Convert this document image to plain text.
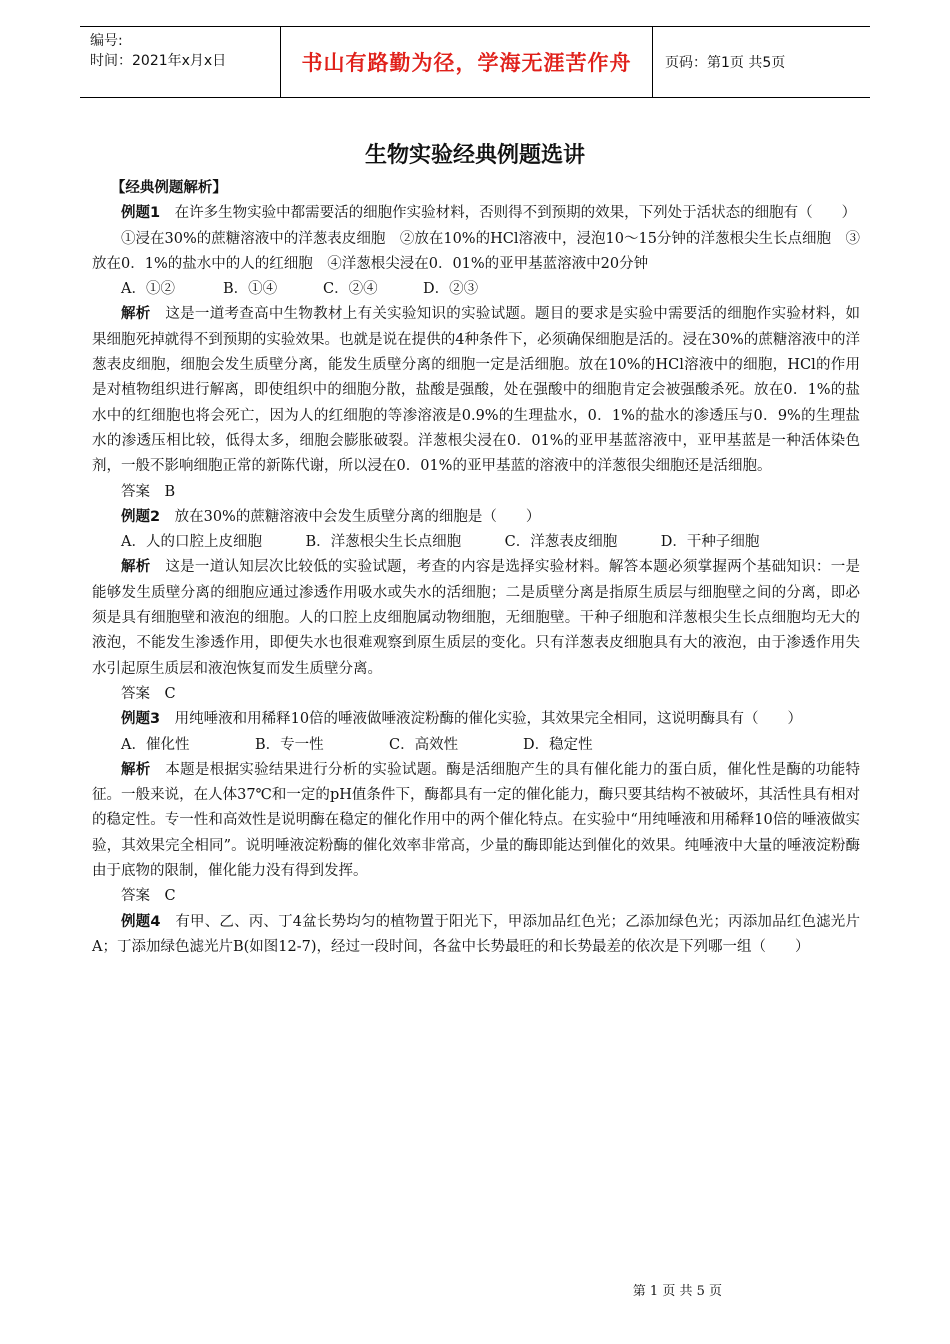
编号:
时间：2021年x月x日	书山有路勤为径，学海无涯苦作舟	页码：第1页 共5页
生物实验经典例题选讲

【经典例题解析】

例题1　在许多生物实验中都需要活的细胞作实验材料，否则得不到预期的效果，下列处于活状态的细胞有（　　）

①浸在30%的蔗糖溶液中的洋葱表皮细胞　②放在10%的HCl溶液中，浸泡10～15分钟的洋葱根尖生长点细胞　③放在0．1%的盐水中的人的红细胞　④洋葱根尖浸在0．01%的亚甲基蓝溶液中20分钟

A．①②	B．①④	C．②④	D．②③

解析　这是一道考查高中生物教材上有关实验知识的实验试题。题目的要求是实验中需要活的细胞作实验材料，如果细胞死掉就得不到预期的实验效果。也就是说在提供的4种条件下，必须确保细胞是活的。浸在30%的蔗糖溶液中的洋葱表皮细胞，细胞会发生质壁分离，能发生质壁分离的细胞一定是活细胞。放在10%的HCl溶液中的细胞，HCl的作用是对植物组织进行解离，即使组织中的细胞分散，盐酸是强酸，处在强酸中的细胞肯定会被强酸杀死。放在0．1%的盐水中的红细胞也将会死亡，因为人的红细胞的等渗溶液是0.9%的生理盐水，0．1%的盐水的渗透压与0．9%的生理盐水的渗透压相比较，低得太多，细胞会膨胀破裂。洋葱根尖浸在0．01%的亚甲基蓝溶液中，亚甲基蓝是一种活体染色剂，一般不影响细胞正常的新陈代谢，所以浸在0．01%的亚甲基蓝的溶液中的洋葱很尖细胞还是活细胞。

答案　B

例题2　放在30%的蔗糖溶液中会发生质壁分离的细胞是（　　）

A．人的口腔上皮细胞　　　B．洋葱根尖生长点细胞　　　C．洋葱表皮细胞　　　D．干种子细胞

解析　这是一道认知层次比较低的实验试题，考查的内容是选择实验材料。解答本题必须掌握两个基础知识：一是能够发生质壁分离的细胞应通过渗透作用吸水或失水的活细胞；二是质壁分离是指原生质层与细胞壁之间的分离，即必须是具有细胞壁和液泡的细胞。人的口腔上皮细胞属动物细胞，无细胞壁。干种子细胞和洋葱根尖生长点细胞均无大的液泡，不能发生渗透作用，即便失水也很难观察到原生质层的变化。只有洋葱表皮细胞具有大的液泡，由于渗透作用失水引起原生质层和液泡恢复而发生质壁分离。

答案　C

例题3　用纯唾液和用稀释10倍的唾液做唾液淀粉酶的催化实验，其效果完全相同，这说明酶具有（　　）

A．催化性	B．专一性	C．高效性	D．稳定性

解析　本题是根据实验结果进行分析的实验试题。酶是活细胞产生的具有催化能力的蛋白质，催化性是酶的功能特征。一般来说，在人体37℃和一定的pH值条件下，酶都具有一定的催化能力，酶只要其结构不被破坏，其活性具有相对的稳定性。专一性和高效性是说明酶在稳定的催化作用中的两个催化特点。在实验中“用纯唾液和用稀释10倍的唾液做实验，其效果完全相同”。说明唾液淀粉酶的催化效率非常高，少量的酶即能达到催化的效果。纯唾液中大量的唾液淀粉酶由于底物的限制，催化能力没有得到发挥。

答案　C

例题4　有甲、乙、丙、丁4盆长势均匀的植物置于阳光下，甲添加品红色光；乙添加绿色光；丙添加品红色滤光片A；丁添加绿色滤光片B(如图12-7)，经过一段时间，各盆中长势最旺的和长势最差的依次是下列哪一组（　　）

第 1 页 共 5 页
